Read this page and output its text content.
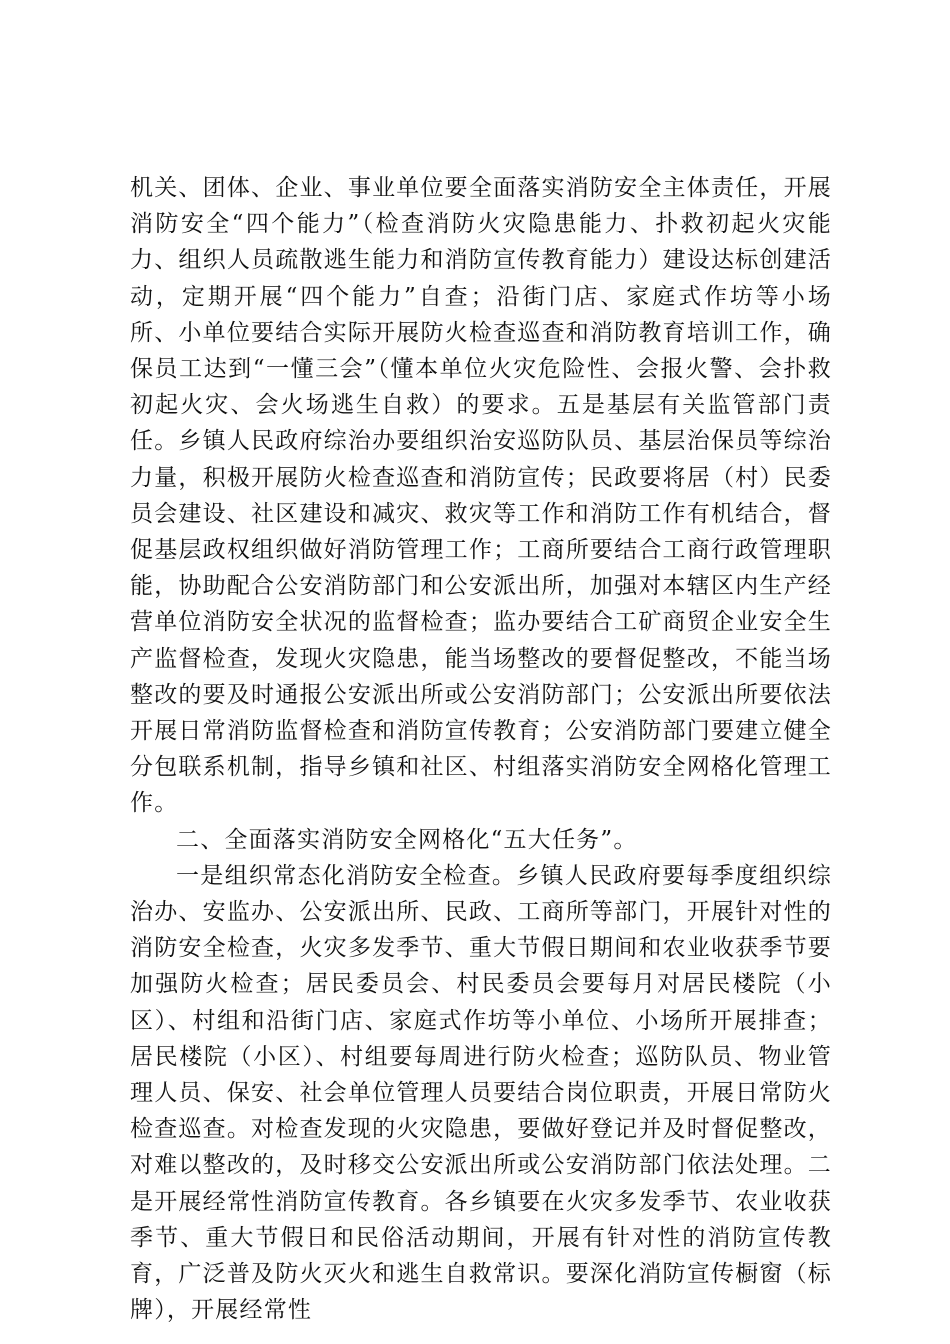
机关、团体、企业、事业单位要全面落实消防安全主体责任，开展消防安全“四个能力”（检查消防火灾隐患能力、扑救初起火灾能力、组织人员疏散逃生能力和消防宣传教育能力）建设达标创建活动，定期开展“四个能力”自查；沿街门店、家庭式作坊等小场所、小单位要结合实际开展防火检查巡查和消防教育培训工作，确保员工达到“一懂三会”（懂本单位火灾危险性、会报火警、会扑救初起火灾、会火场逃生自救）的要求。五是基层有关监管部门责任。乡镇人民政府综治办要组织治安巡防队员、基层治保员等综治力量，积极开展防火检查巡查和消防宣传；民政要将居（村）民委员会建设、社区建设和减灾、救灾等工作和消防工作有机结合，督促基层政权组织做好消防管理工作；工商所要结合工商行政管理职能，协助配合公安消防部门和公安派出所，加强对本辖区内生产经营单位消防安全状况的监督检查；监办要结合工矿商贸企业安全生产监督检查，发现火灾隐患，能当场整改的要督促整改，不能当场整改的要及时通报公安派出所或公安消防部门；公安派出所要依法开展日常消防监督检查和消防宣传教育；公安消防部门要建立健全分包联系机制，指导乡镇和社区、村组落实消防安全网格化管理工作。

二、全面落实消防安全网格化“五大任务”。

一是组织常态化消防安全检查。乡镇人民政府要每季度组织综治办、安监办、公安派出所、民政、工商所等部门，开展针对性的消防安全检查，火灾多发季节、重大节假日期间和农业收获季节要加强防火检查；居民委员会、村民委员会要每月对居民楼院（小区）、村组和沿街门店、家庭式作坊等小单位、小场所开展排查；居民楼院（小区）、村组要每周进行防火检查；巡防队员、物业管理人员、保安、社会单位管理人员要结合岗位职责，开展日常防火检查巡查。对检查发现的火灾隐患，要做好登记并及时督促整改，对难以整改的，及时移交公安派出所或公安消防部门依法处理。二是开展经常性消防宣传教育。各乡镇要在火灾多发季节、农业收获季节、重大节假日和民俗活动期间，开展有针对性的消防宣传教育，广泛普及防火灭火和逃生自救常识。要深化消防宣传橱窗（标牌），开展经常性
